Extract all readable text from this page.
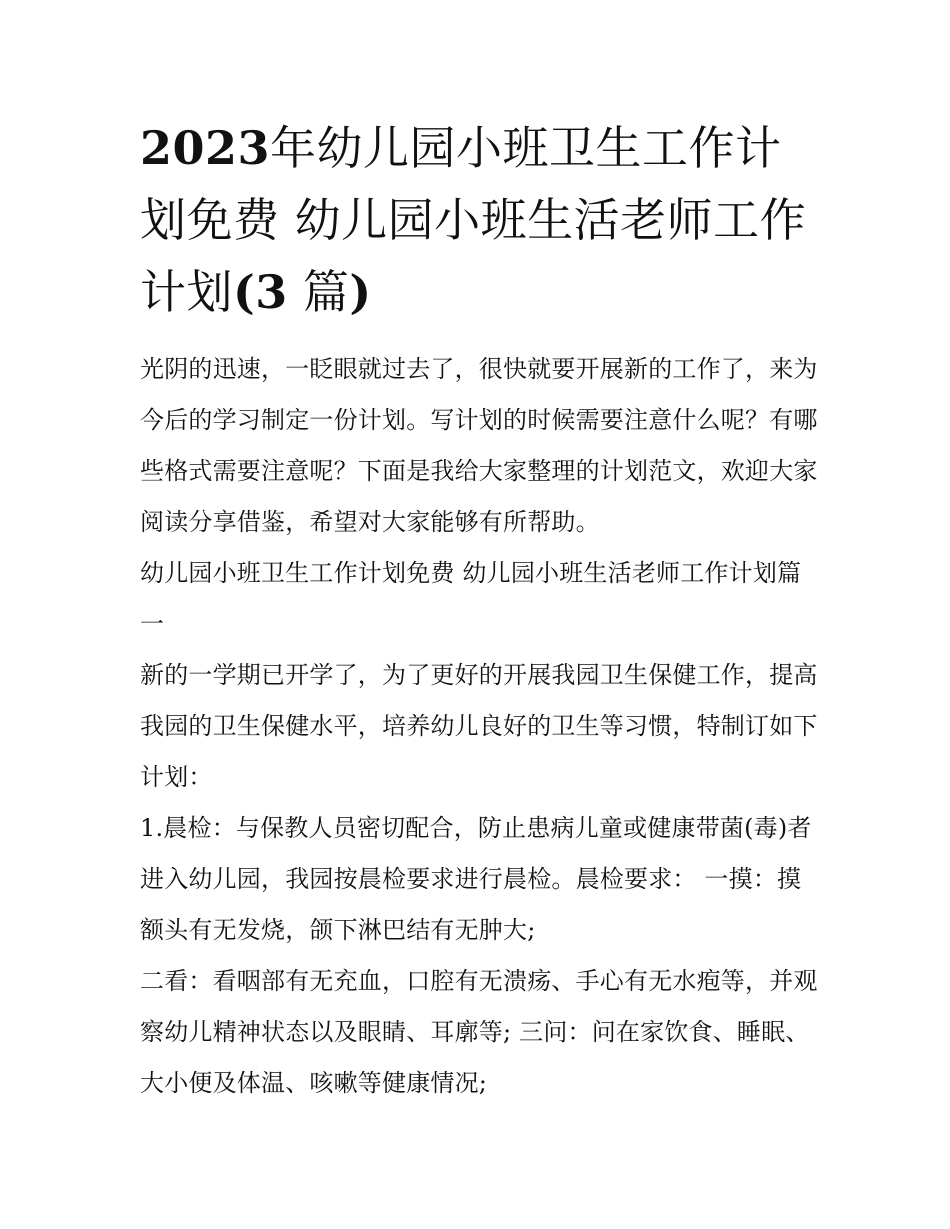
2023年幼儿园小班卫生工作计划免费 幼儿园小班生活老师工作计划(3 篇)

光阴的迅速，一眨眼就过去了，很快就要开展新的工作了，来为今后的学习制定一份计划。写计划的时候需要注意什么呢？有哪些格式需要注意呢？下面是我给大家整理的计划范文，欢迎大家阅读分享借鉴，希望对大家能够有所帮助。

幼儿园小班卫生工作计划免费 幼儿园小班生活老师工作计划篇一

新的一学期已开学了，为了更好的开展我园卫生保健工作，提高我园的卫生保健水平，培养幼儿良好的卫生等习惯，特制订如下计划：

1.晨检：与保教人员密切配合，防止患病儿童或健康带菌(毒)者进入幼儿园，我园按晨检要求进行晨检。晨检要求： 一摸：摸额头有无发烧，颌下淋巴结有无肿大;

二看：看咽部有无充血，口腔有无溃疡、手心有无水疱等，并观察幼儿精神状态以及眼睛、耳廓等; 三问：问在家饮食、睡眠、大小便及体温、咳嗽等健康情况;
